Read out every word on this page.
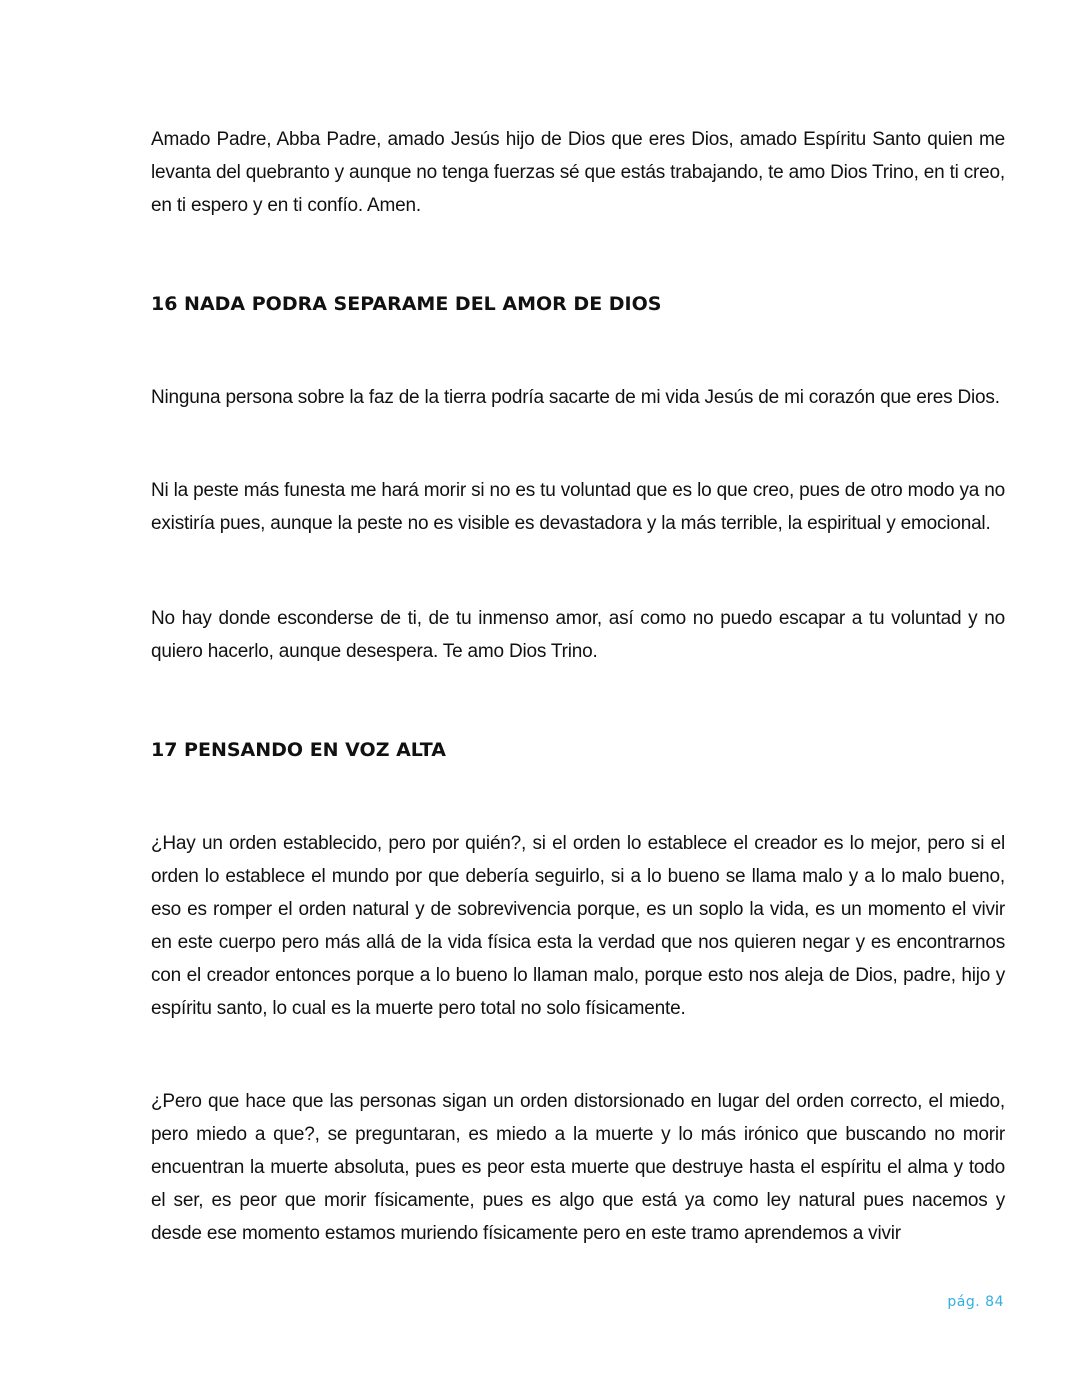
Amado Padre, Abba Padre, amado Jesús hijo de Dios que eres Dios, amado Espíritu Santo quien me levanta del quebranto y aunque no tenga fuerzas sé que estás trabajando, te amo Dios Trino, en ti creo, en ti espero y en ti confío. Amen.

16 NADA PODRA SEPARAME DEL AMOR DE DIOS

Ninguna persona sobre la faz de la tierra podría sacarte de mi vida Jesús de mi corazón que eres Dios.

Ni la peste más funesta me hará morir si no es tu voluntad que es lo que creo, pues de otro modo ya no existiría pues, aunque la peste no es visible es devastadora y la más terrible, la espiritual y emocional.

No hay donde esconderse de ti, de tu inmenso amor, así como no puedo escapar a tu voluntad y no quiero hacerlo, aunque desespera. Te amo Dios Trino.

17 PENSANDO EN VOZ ALTA

¿Hay un orden establecido, pero por quién?, si el orden lo establece el creador es lo mejor, pero si el orden lo establece el mundo por que debería seguirlo, si a lo bueno se llama malo y a lo malo bueno, eso es romper el orden natural y de sobrevivencia porque, es un soplo la vida, es un momento el vivir en este cuerpo pero más allá de la vida física esta la verdad que nos quieren negar y es encontrarnos con el creador entonces porque a lo bueno lo llaman malo, porque esto nos aleja de Dios, padre, hijo y espíritu santo, lo cual es la muerte pero total no solo físicamente.

¿Pero que hace que las personas sigan un orden distorsionado en lugar del orden correcto, el miedo, pero miedo a que?, se preguntaran, es miedo a la muerte y lo más irónico que buscando no morir encuentran la muerte absoluta, pues es peor esta muerte que destruye hasta el espíritu el alma y todo el ser, es peor que morir físicamente, pues es algo que está ya como ley natural pues nacemos y desde ese momento estamos muriendo físicamente pero en este tramo aprendemos a vivir

pág. 84
